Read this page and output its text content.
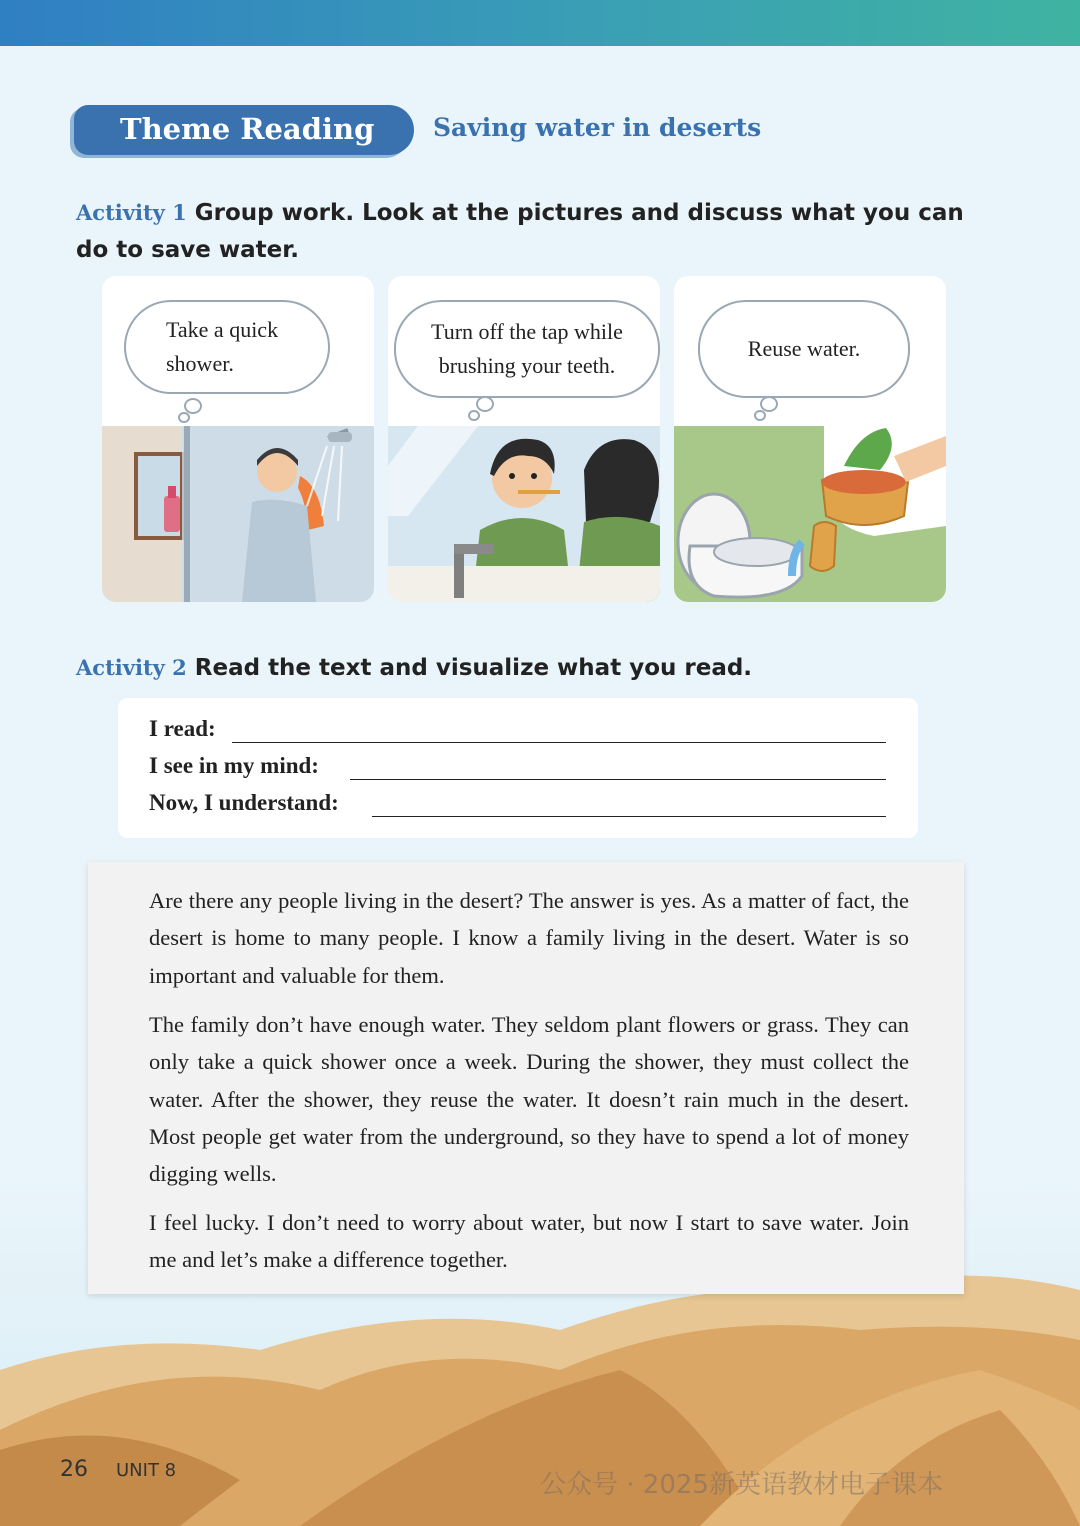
Theme Reading Saving water in deserts
Activity 1 Group work. Look at the pictures and discuss what you can do to save water.
Take a quick
shower.
Turn off the tap while
brushing your teeth.
Reuse water.
Activity 2 Read the text and visualize what you read.
I read:
I see in my mind:
Now, I understand:

Are there any people living in the desert? The answer is yes. As a matter of fact, the desert is home to many people. I know a family living in the desert. Water is so important and valuable for them.

The family don’t have enough water. They seldom plant flowers or grass. They can only take a quick shower once a week. During the shower, they must collect the water. After the shower, they reuse the water. It doesn’t rain much in the desert. Most people get water from the underground, so they have to spend a lot of money digging wells.

I feel lucky. I don’t need to worry about water, but now I start to save water. Join me and let’s make a difference together.

26 UNIT 8	公众号 · 2025新英语教材电子课本
